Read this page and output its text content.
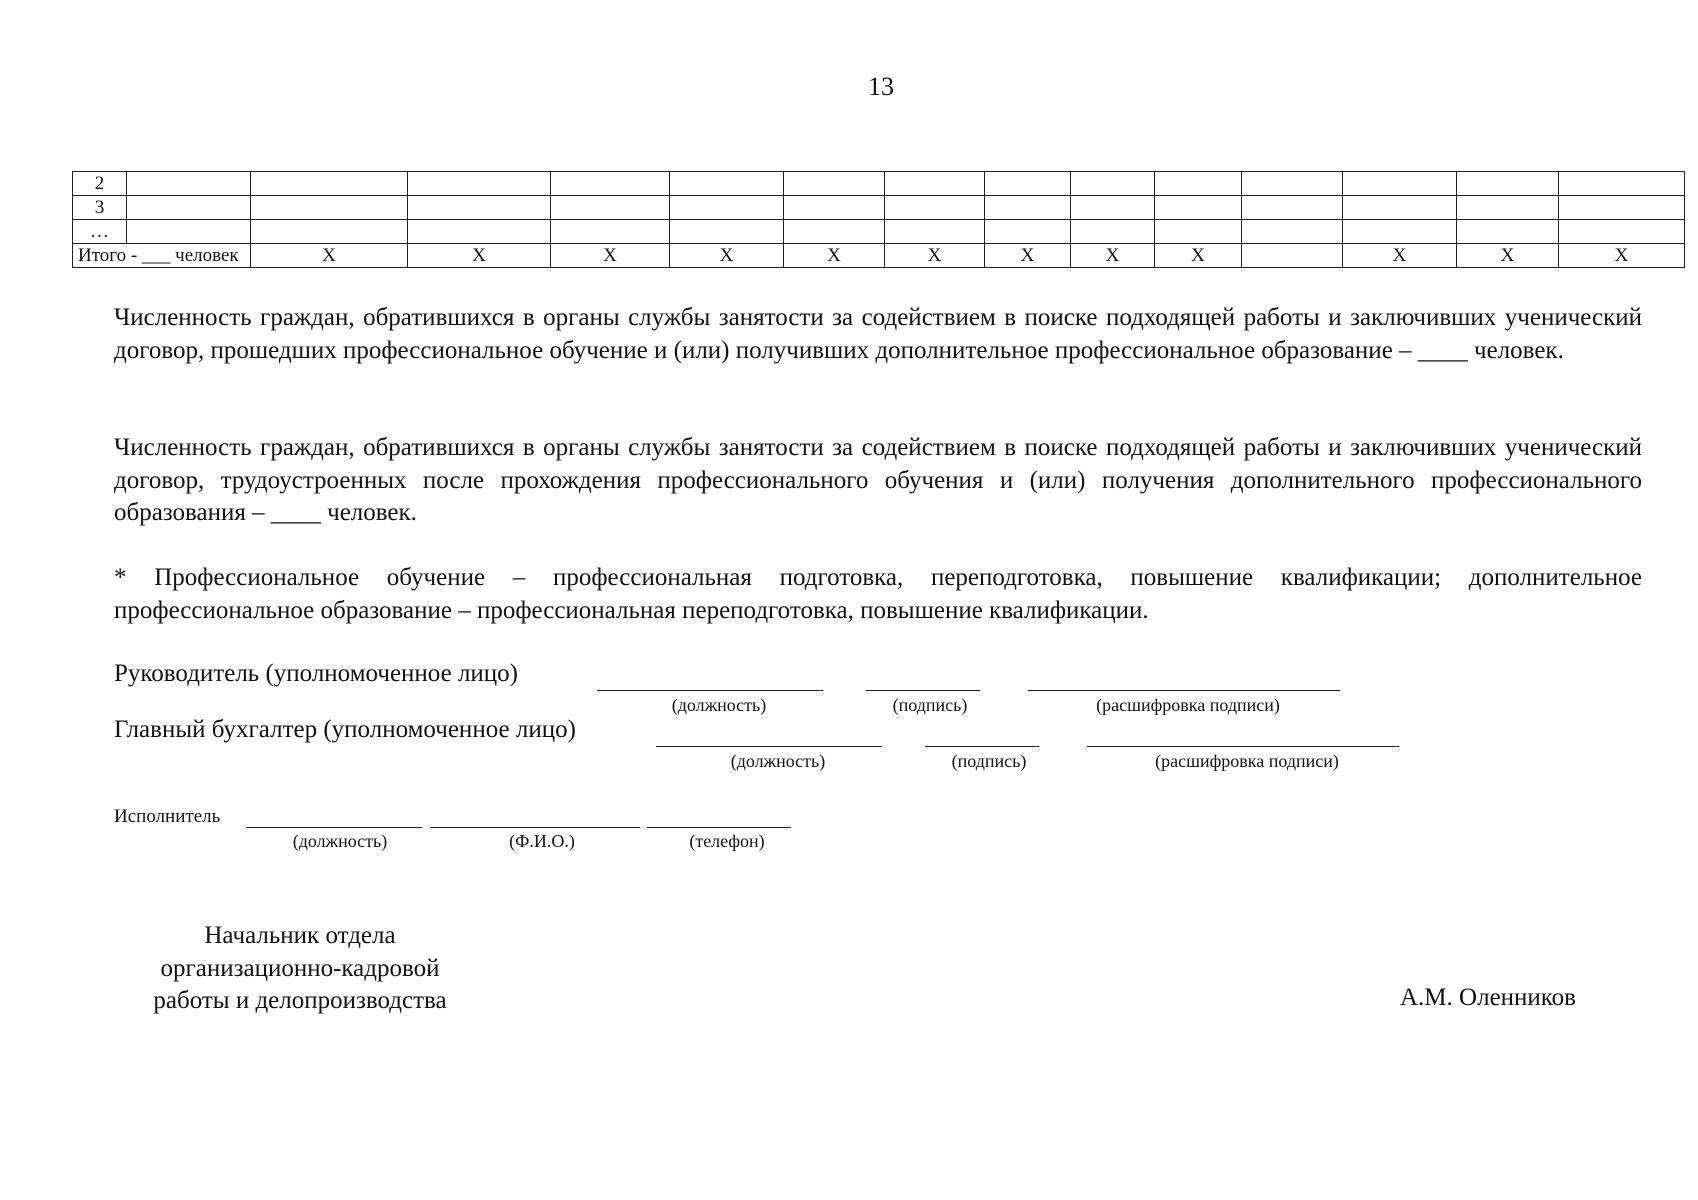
13
2															
3															
…															
Итого - ___ человек		X	X	X	X	X	X	X	X	X		X	X	X	
Численность граждан, обратившихся в органы службы занятости за содействием в поиске подходящей работы и заключивших ученический договор, прошедших профессиональное обучение и (или) получивших дополнительное профессиональное образование – ____ человек.
Численность граждан, обратившихся в органы службы занятости за содействием в поиске подходящей работы и заключивших ученический договор, трудоустроенных после прохождения профессионального обучения и (или) получения дополнительного профессионального образования – ____ человек.
* Профессиональное обучение – профессиональная подготовка, переподготовка, повышение квалификации; дополнительное профессиональное образование – профессиональная переподготовка, повышение квалификации.
Руководитель (уполномоченное лицо)
(должность)	(подпись)	(расшифровка подписи)
Главный бухгалтер (уполномоченное лицо)
(должность)	(подпись)	(расшифровка подписи)
Исполнитель
(должность)	(Ф.И.О.)	(телефон)
Начальник отдела
организационно-кадровой
работы и делопроизводства	А.М. Оленников
